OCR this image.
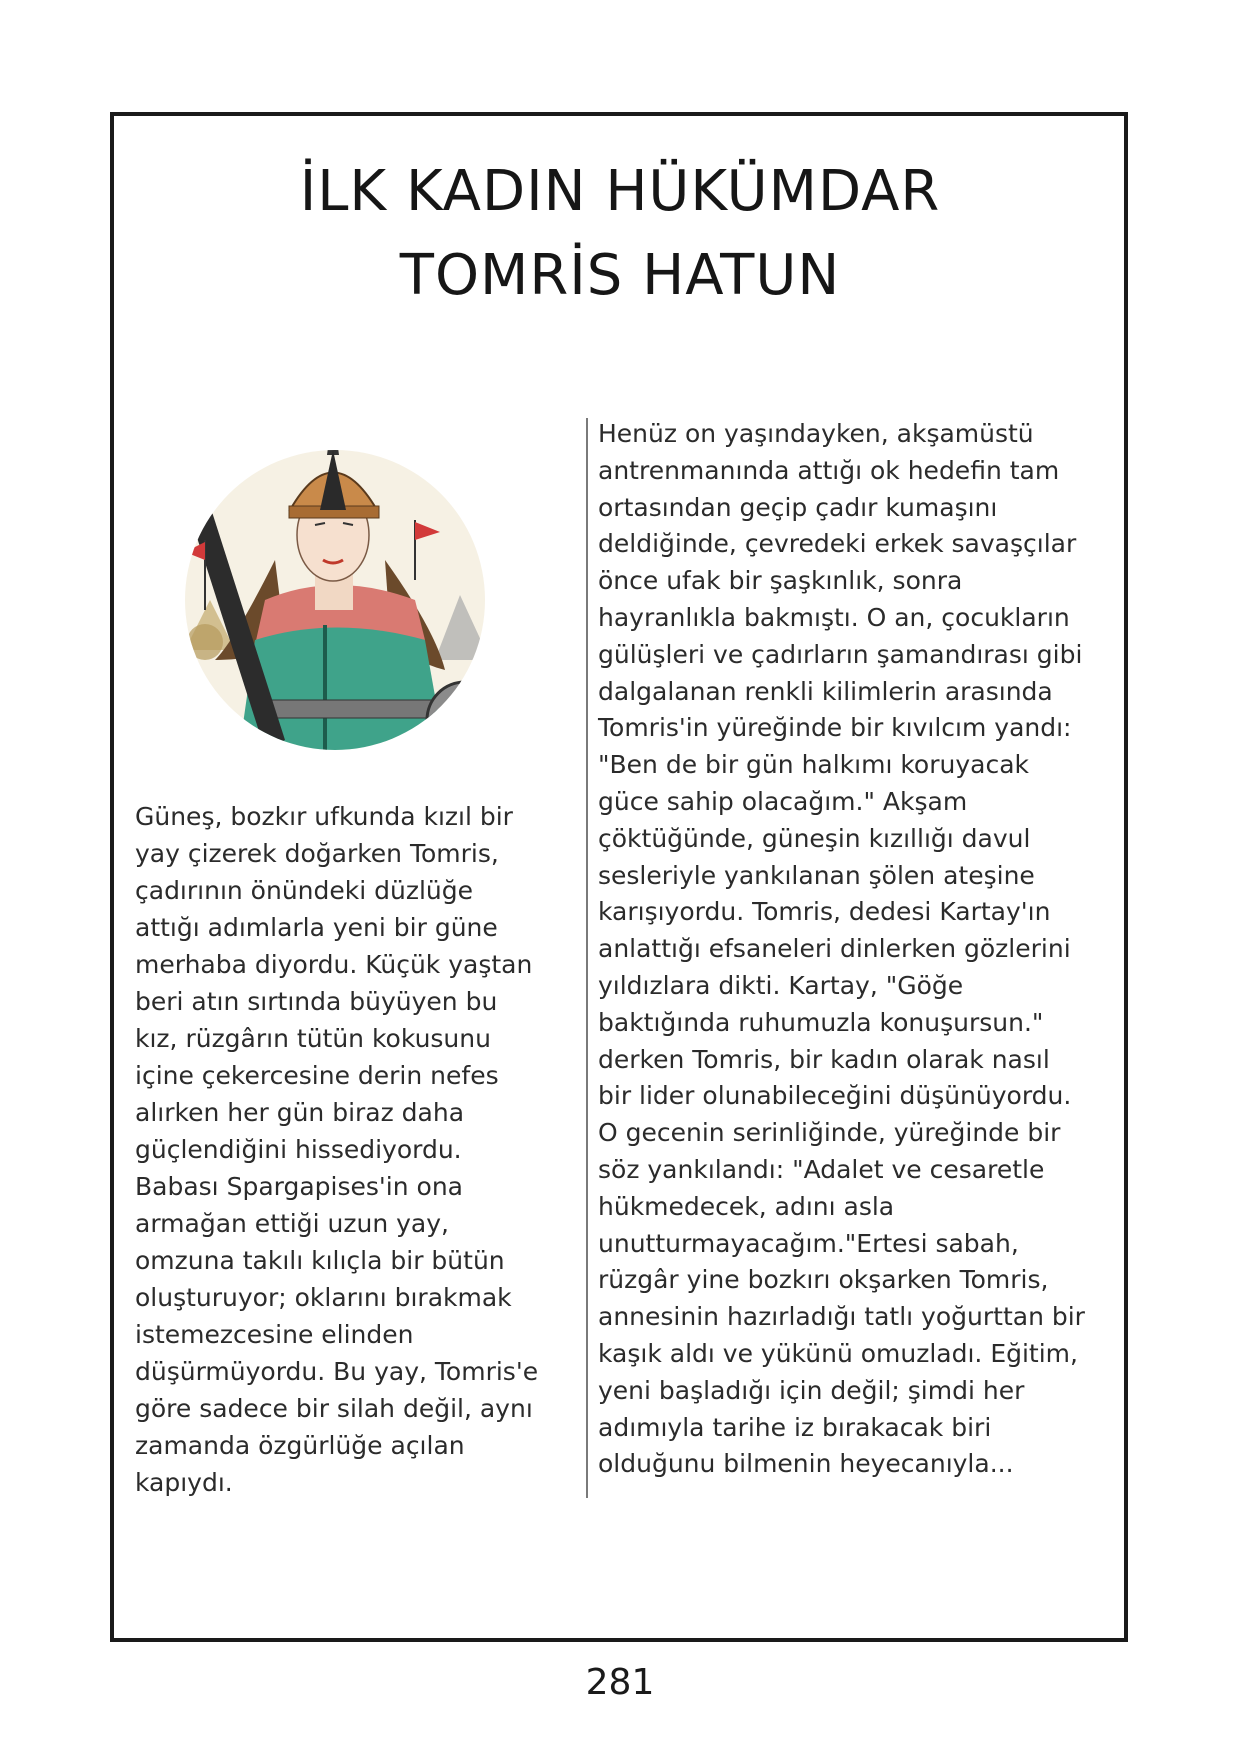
İLK KADIN HÜKÜMDAR
TOMRİS HATUN
Güneş, bozkır ufkunda kızıl bir
yay çizerek doğarken Tomris,
çadırının önündeki düzlüğe
attığı adımlarla yeni bir güne
merhaba diyordu. Küçük yaştan
beri atın sırtında büyüyen bu
kız, rüzgârın tütün kokusunu
içine çekercesine derin nefes
alırken her gün biraz daha
güçlendiğini hissediyordu.
Babası Spargapises'in ona
armağan ettiği uzun yay,
omzuna takılı kılıçla bir bütün
oluşturuyor; oklarını bırakmak
istemezcesine elinden
düşürmüyordu. Bu yay, Tomris'e
göre sadece bir silah değil, aynı
zamanda özgürlüğe açılan
kapıydı.
Henüz on yaşındayken, akşamüstü
antrenmanında attığı ok hedefin tam
ortasından geçip çadır kumaşını
deldiğinde, çevredeki erkek savaşçılar
önce ufak bir şaşkınlık, sonra
hayranlıkla bakmıştı. O an, çocukların
gülüşleri ve çadırların şamandırası gibi
dalgalanan renkli kilimlerin arasında
Tomris'in yüreğinde bir kıvılcım yandı:
"Ben de bir gün halkımı koruyacak
güce sahip olacağım." Akşam
çöktüğünde, güneşin kızıllığı davul
sesleriyle yankılanan şölen ateşine
karışıyordu. Tomris, dedesi Kartay'ın
anlattığı efsaneleri dinlerken gözlerini
yıldızlara dikti. Kartay, "Göğe
baktığında ruhumuzla konuşursun."
derken Tomris, bir kadın olarak nasıl
bir lider olunabileceğini düşünüyordu.
O gecenin serinliğinde, yüreğinde bir
söz yankılandı: "Adalet ve cesaretle
hükmedecek, adını asla
unutturmayacağım."Ertesi sabah,
rüzgâr yine bozkırı okşarken Tomris,
annesinin hazırladığı tatlı yoğurttan bir
kaşık aldı ve yükünü omuzladı. Eğitim,
yeni başladığı için değil; şimdi her
adımıyla tarihe iz bırakacak biri
olduğunu bilmenin heyecanıyla...
281
